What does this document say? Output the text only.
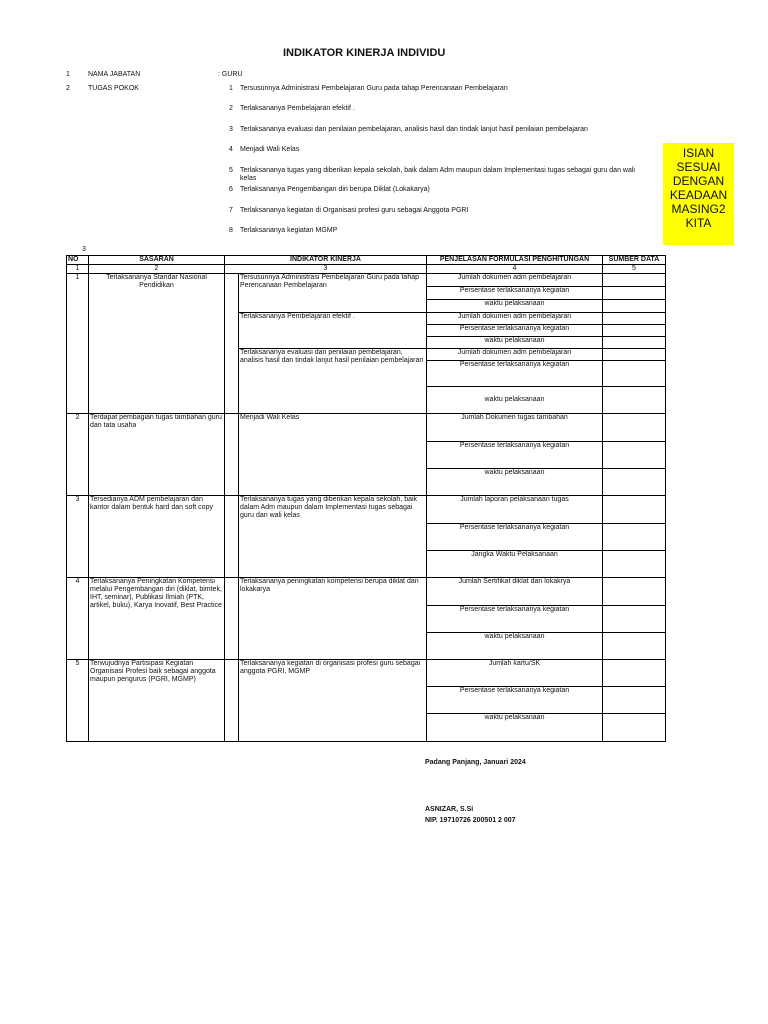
INDIKATOR KINERJA INDIVIDU
1	NAMA JABATAN	: GURU
2	TUGAS POKOK	1 Tersusunnya Administrasi Pembelajaran Guru pada tahap Perencanaan Pembelajaran
2 Terlaksananya Pembelajaran efektif .
3 Terlaksananya evaluasi dan penilaian pembelajaran, analisis hasil dan tindak lanjut hasil penilaian pembelajaran
4 Menjadi Wali Kelas
5 Terlaksananya tugas yang diberikan kepala sekolah, baik dalam Adm maupun dalam Implementasi tugas sebagai guru dan wali kelas
6 Terlaksananya Pengembangan diri berupa Diklat (Lokakarya)
7 Terlaksananya kegiatan di Organisasi profesi guru sebagai Anggota PGRI
8 Terlaksananya kegiatan MGMP
ISIAN SESUAI DENGAN KEADAAN MASING2 KITA
3
NO	SASARAN	INDIKATOR KINERJA		PENJELASAN FORMULASI PENGHITUNGAN	SUMBER DATA
1	2	3		4	5
1	Terlaksananya Standar Nasional Pendidikan		Tersusunnya Administrasi Pembelajaran Guru pada tahap Perencanaan Pembelajaran	Jumlah dokumen adm pembelajaran	
				Persentase terlaksananya kegiatan	
				waktu pelaksanaan	
			Terlaksananya Pembelajaran efektif .	Jumlah dokumen adm pembelajaran	
				Persentase terlaksananya kegiatan	
				waktu pelaksanaan	
			Terlaksananya evaluasi dan penilaian pembelajaran, analisis hasil dan tindak lanjut hasil penilaian pembelajaran	Jumlah dokumen adm pembelajaran	
				Persentase terlaksananya kegiatan	
				waktu pelaksanaan	
2	Terdapat pembagian tugas tambahan guru dan tata usaha		Menjadi Wali Kelas	Jumlah Dokumen tugas tambahan	
				Persentase terlaksananya kegiatan	
				waktu pelaksanaan	
3	Tersedianya ADM pembelajaran dan kantor dalam bentuk hard dan soft copy		Terlaksananya tugas yang diberikan kepala sekolah, baik dalam Adm maupun dalam Implementasi tugas sebagai guru dan wali kelas	Jumlah laporan pelaksanaan tugas	
				Persentase terlaksananya kegiatan	
				Jangka Waktu Pelaksanaan	
4	Terlaksananya Peningkatan Kompetensi melalui Pengembangan diri (diklat, bimtek, IHT, seminar), Publikasi Ilmiah (PTK, artikel, buku), Karya Inovatif, Best Practice		Terlaksananya peningkatan kompetensi berupa diklat dan lokakarya	Jumlah Sertifikat diklat dan lokakrya	
				Persentase terlaksananya kegiatan	
				waktu pelaksanaan	
5	Terwujudnya Partisipasi Kegiatan Organisasi Profesi baik sebagai anggota maupun pengurus (PGRI, MGMP)		Terlaksananya kegiatan di organisasi profesi guru sebagai anggota PGRI, MGMP	Jumlah kartu/SK	
				Persentase terlaksananya kegiatan	
				waktu pelaksanaan	
Padang Panjang, Januari 2024
ASNIZAR, S.Si
NIP. 19710726 200501 2 007
